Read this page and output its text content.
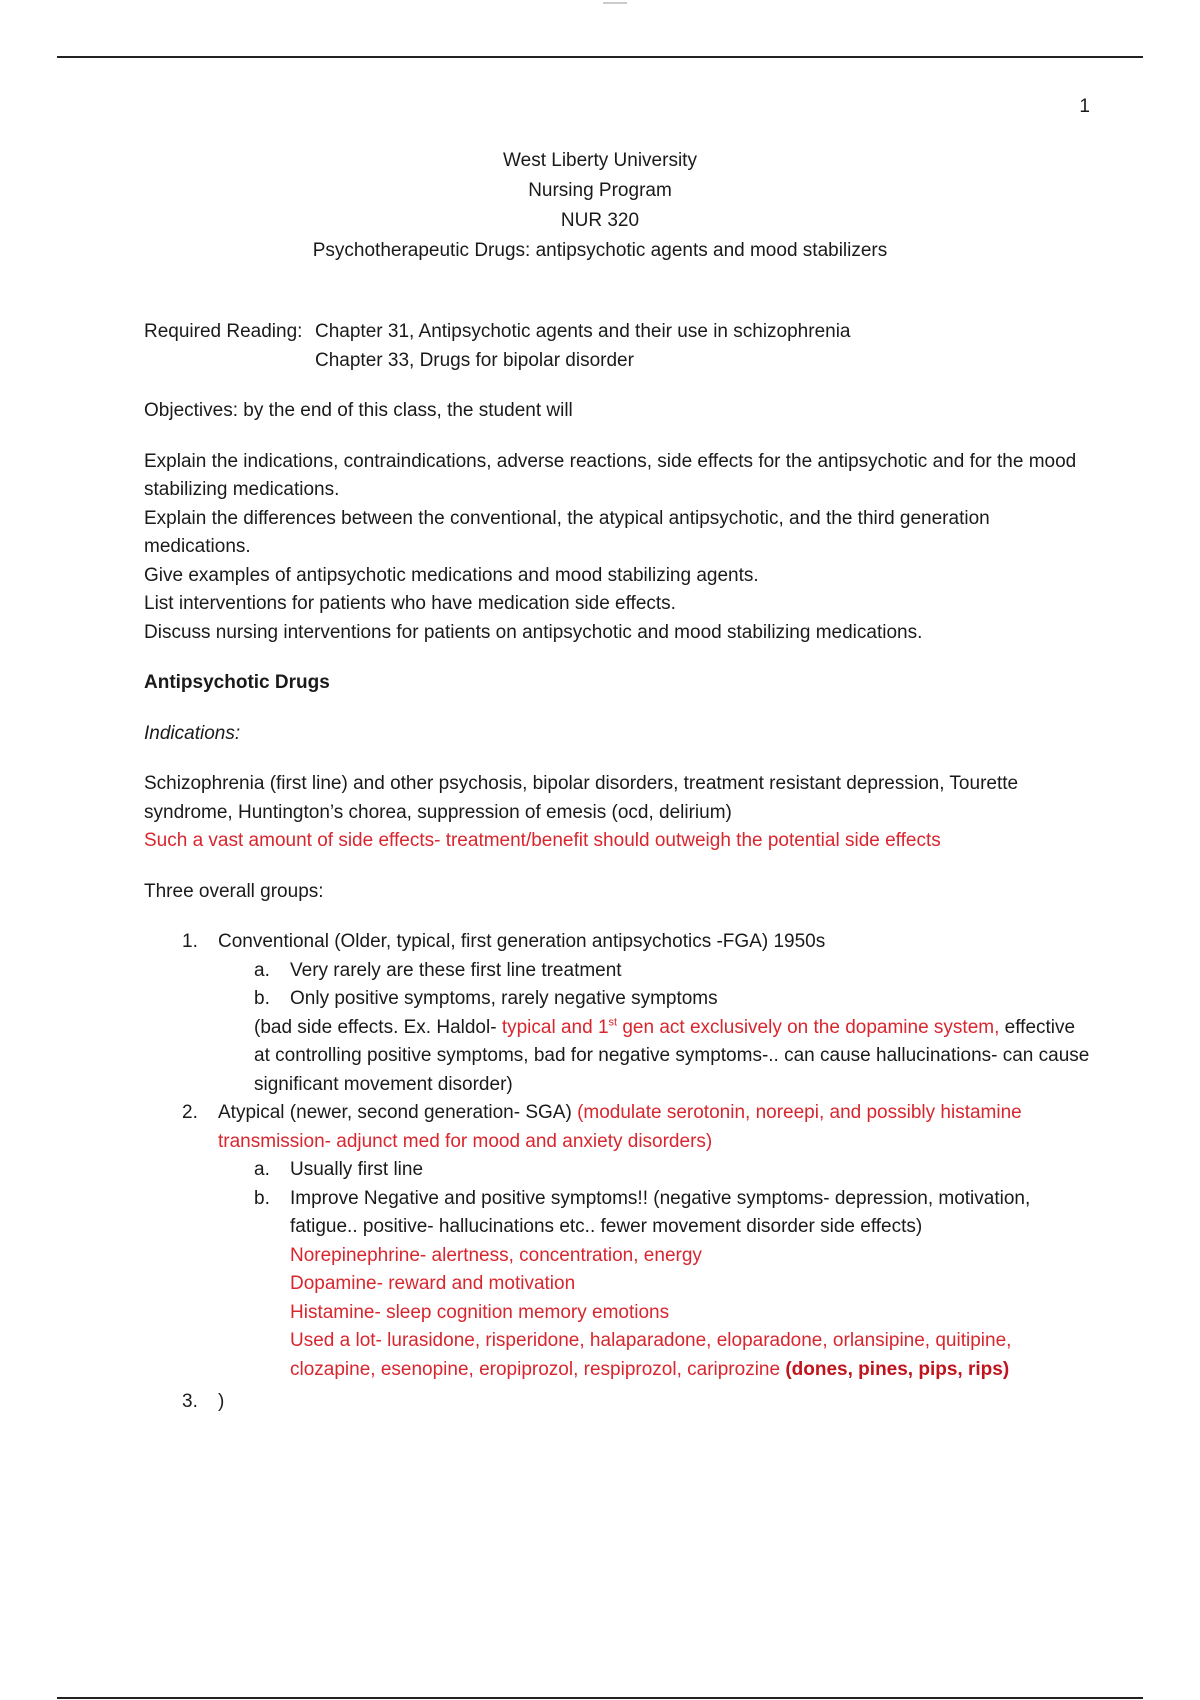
1
West Liberty University
Nursing Program
NUR 320
Psychotherapeutic Drugs: antipsychotic agents and mood stabilizers
Required Reading: Chapter 31, Antipsychotic agents and their use in schizophrenia

Chapter 33, Drugs for bipolar disorder

Objectives: by the end of this class, the student will

Explain the indications, contraindications, adverse reactions, side effects for the antipsychotic and for the mood stabilizing medications.

Explain the differences between the conventional, the atypical antipsychotic, and the third generation medications.

Give examples of antipsychotic medications and mood stabilizing agents.

List interventions for patients who have medication side effects.

Discuss nursing interventions for patients on antipsychotic and mood stabilizing medications.

Antipsychotic Drugs

Indications:

Schizophrenia (first line) and other psychosis, bipolar disorders, treatment resistant depression, Tourette syndrome, Huntington’s chorea, suppression of emesis (ocd, delirium)

Such a vast amount of side effects- treatment/benefit should outweigh the potential side effects

Three overall groups:

1. Conventional (Older, typical, first generation antipsychotics -FGA) 1950s
a. Very rarely are these first line treatment
b. Only positive symptoms, rarely negative symptoms

(bad side effects. Ex. Haldol- typical and 1st gen act exclusively on the dopamine system, effective at controlling positive symptoms, bad for negative symptoms-.. can cause hallucinations- can cause significant movement disorder)

2. Atypical (newer, second generation- SGA) (modulate serotonin, noreepi, and possibly histamine transmission- adjunct med for mood and anxiety disorders)
a. Usually first line
b. Improve Negative and positive symptoms!! (negative symptoms- depression, motivation, fatigue.. positive- hallucinations etc.. fewer movement disorder side effects)

Norepinephrine- alertness, concentration, energy

Dopamine- reward and motivation

Histamine- sleep cognition memory emotions

Used a lot- lurasidone, risperidone, halaparadone, eloparadone, orlansipine, quitipine, clozapine, esenopine, eropiprozol, respiprozol, cariprozine (dones, pines, pips, rips)

3. )
